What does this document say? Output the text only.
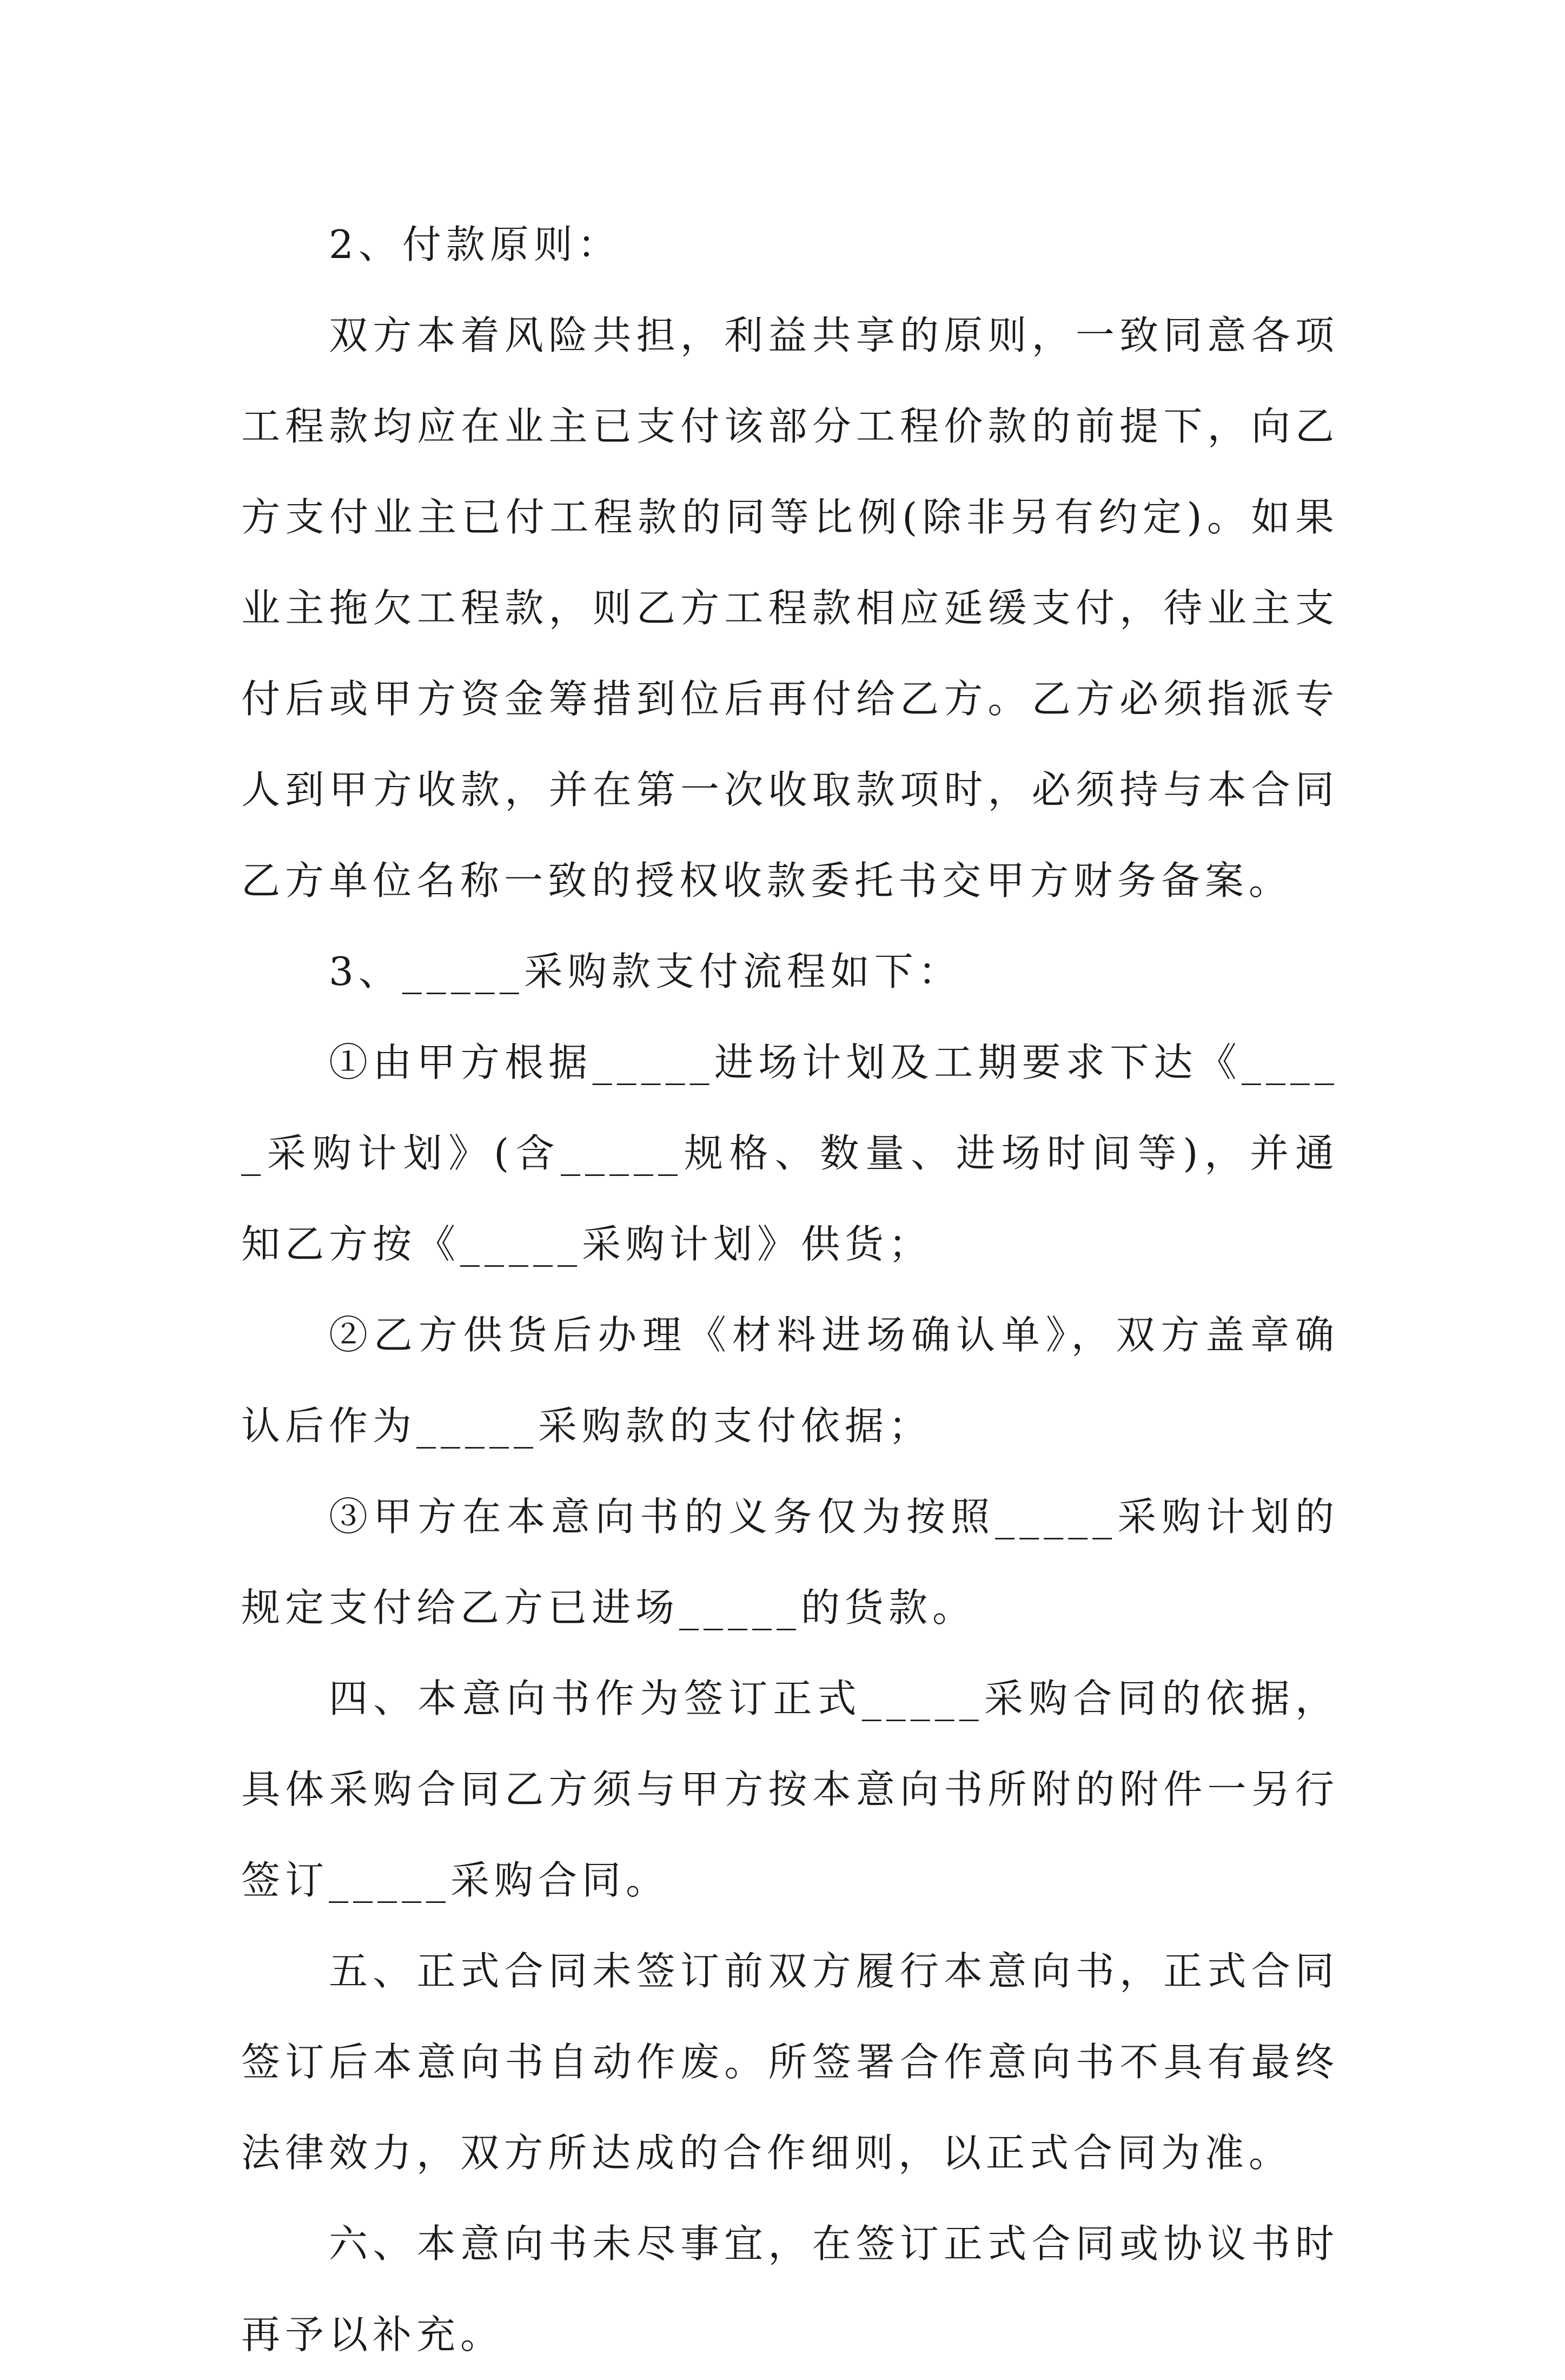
2、付款原则：

双方本着风险共担，利益共享的原则，一致同意各项工程款均应在业主已支付该部分工程价款的前提下，向乙方支付业主已付工程款的同等比例(除非另有约定)。如果业主拖欠工程款，则乙方工程款相应延缓支付，待业主支付后或甲方资金筹措到位后再付给乙方。乙方必须指派专人到甲方收款，并在第一次收取款项时，必须持与本合同乙方单位名称一致的授权收款委托书交甲方财务备案。

3、_____采购款支付流程如下：

①由甲方根据_____进场计划及工期要求下达《_____采购计划》(含_____规格、数量、进场时间等)，并通知乙方按《_____采购计划》供货；

②乙方供货后办理《材料进场确认单》，双方盖章确认后作为_____采购款的支付依据；

③甲方在本意向书的义务仅为按照_____采购计划的规定支付给乙方已进场_____的货款。

四、本意向书作为签订正式_____采购合同的依据，具体采购合同乙方须与甲方按本意向书所附的附件一另行签订_____采购合同。

五、正式合同未签订前双方履行本意向书，正式合同签订后本意向书自动作废。所签署合作意向书不具有最终法律效力，双方所达成的合作细则，以正式合同为准。

六、本意向书未尽事宜，在签订正式合同或协议书时再予以补充。
